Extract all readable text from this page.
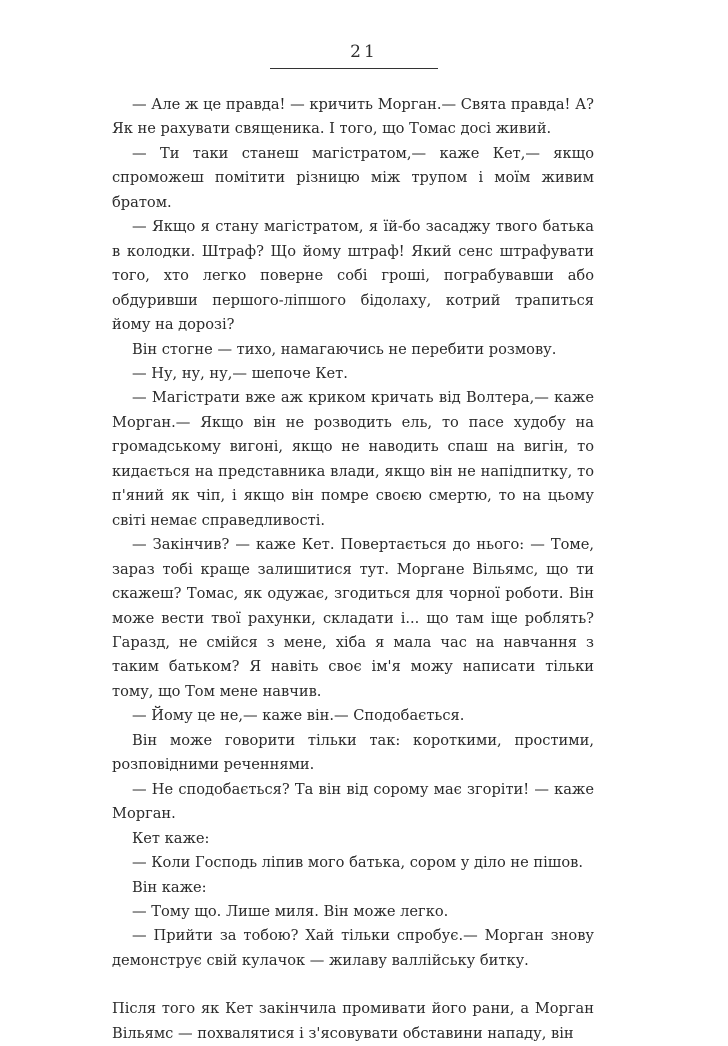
21

— Але ж це правда! — кричить Морган.— Свята правда! А? Як не рахувати священика. І того, що Томас досі живий.

— Ти таки станеш магістратом,— каже Кет,— якщо спроможеш помітити різницю між трупом і моїм живим братом.

— Якщо я стану магістратом, я їй-бо засаджу твого батька в колодки. Штраф? Що йому штраф! Який сенс штрафувати того, хто легко поверне собі гроші, пограбувавши або обдуривши першого-ліпшого бідолаху, котрий трапиться йому на дорозі?

Він стогне — тихо, намагаючись не перебити розмову.

— Ну, ну, ну,— шепоче Кет.

— Магістрати вже аж криком кричать від Волтера,— каже Морган.— Якщо він не розводить ель, то пасе худобу на громадському вигоні, якщо не наводить спаш на вигін, то кидається на представника влади, якщо він не напідпитку, то п'яний як чіп, і якщо він помре своєю смертю, то на цьому світі немає справедливості.

— Закінчив? — каже Кет. Повертається до нього: — Томе, зараз тобі краще залишитися тут. Моргане Вільямс, що ти скажеш? Томас, як одужає, згодиться для чорної роботи. Він може вести твої рахунки, складати і... що там іще роблять? Гаразд, не смійся з мене, хіба я мала час на навчання з таким батьком? Я навіть своє ім'я можу написати тільки тому, що Том мене навчив.

— Йому це не,— каже він.— Сподобається.

Він може говорити тільки так: короткими, простими, розповідними реченнями.

— Не сподобається? Та він від сорому має згоріти! — каже Морган.

Кет каже:

— Коли Господь ліпив мого батька, сором у діло не пішов.

Він каже:

— Тому що. Лише миля. Він може легко.

— Прийти за тобою? Хай тільки спробує.— Морган знову демонструє свій кулачок — жилаву валлійську битку.

Після того як Кет закінчила промивати його рани, а Морган Вільямс — похвалятися і з'ясовувати обставини нападу, він
